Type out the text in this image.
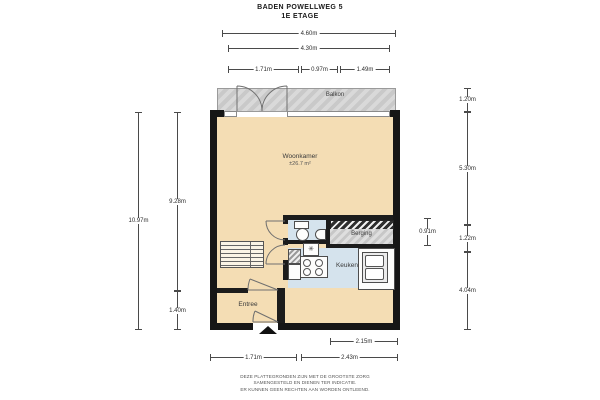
BADEN POWELLWEG 5
1E ETAGE
Balkon
Berging
✳
Keuken
Entree
Woonkamer
±26.7 m²
4.60m
4.30m
1.71m	0.97m	1.49m
2.15m
1.71m	2.43m
10.97m
9.28m
1.40m
1.20m
5.30m
1.22m
4.04m
0.91m
DEZE PLATTEGRONDEN ZIJN MET DE GROOTSTE ZORG
SAMENGESTELD EN DIENEN TER INDICATIE.
ER KUNNEN GEEN RECHTEN AAN WORDEN ONTLEEND.
